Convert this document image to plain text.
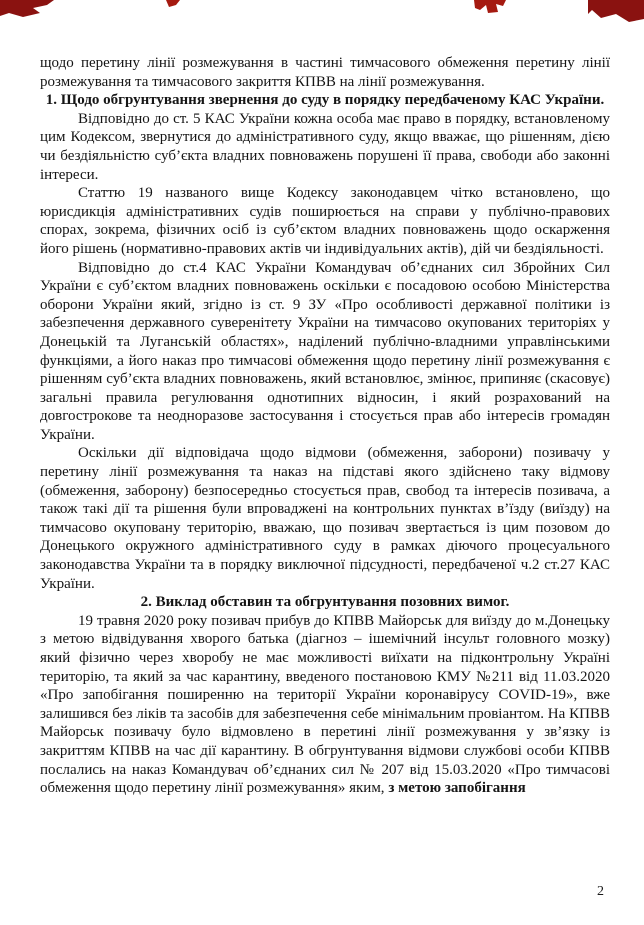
щодо перетину лінії розмежування в частині тимчасового обмеження перетину лінії розмежування та тимчасового закриття КПВВ на лінії розмежування.

1. Щодо обгрунтування звернення до суду в порядку передбаченому КАС України.

Відповідно до ст. 5 КАС України кожна особа має право в порядку, встановленому цим Кодексом, звернутися до адміністративного суду, якщо вважає, що рішенням, дією чи бездіяльністю суб’єкта владних повноважень порушені її права, свободи або законні інтереси.

Статтю 19 названого вище Кодексу законодавцем чітко встановлено, що юрисдикція адміністративних судів поширюється на справи у публічно-правових спорах, зокрема, фізичних осіб із суб’єктом владних повноважень щодо оскарження його рішень (нормативно-правових актів чи індивідуальних актів), дій чи бездіяльності.

Відповідно до ст.4 КАС України Командувач об’єднаних сил Збройних Сил України є суб’єктом владних повноважень оскільки є посадовою особою Міністерства оборони України який, згідно із ст. 9 ЗУ «Про особливості державної політики із забезпечення державного суверенітету України на тимчасово окупованих територіях у Донецькій та Луганській областях», наділений публічно-владними управлінськими функціями, а його наказ про тимчасові обмеження щодо перетину лінії розмежування є рішенням суб’єкта владних повноважень, який встановлює, змінює, припиняє (скасовує) загальні правила регулювання однотипних відносин, і який розрахований на довгострокове та неодноразове застосування і стосується прав або інтересів громадян України.

Оскільки дії відповідача щодо відмови (обмеження, заборони) позивачу у перетину лінії розмежування та наказ на підставі якого здійснено таку відмову (обмеження, заборону) безпосередньо стосується прав, свобод та інтересів позивача, а також такі дії та рішення були впроваджені на контрольних пунктах в’їзду (виїзду) на тимчасово окуповану територію, вважаю, що позивач звертається із цим позовом до Донецького окружного адміністративного суду в рамках діючого процесуального законодавства України та в порядку виключної підсудності, передбаченої ч.2 ст.27 КАС України.

2. Виклад обставин та обгрунтування позовних вимог.

19 травня 2020 року позивач прибув до КПВВ Майорськ для виїзду до м.Донецьку з метою відвідування хворого батька (діагноз – ішемічний інсульт головного мозку) який фізично через хворобу не має можливості виїхати на підконтрольну Україні територію, та який за час карантину, введеного постановою КМУ №211 від 11.03.2020 «Про запобігання поширенню на території України коронавірусу COVID-19», вже залишився без ліків та засобів для забезпечення себе мінімальним провіантом. На КПВВ Майорськ позивачу було відмовлено в перетині лінії розмежування у зв’язку із закриттям КПВВ на час дії карантину. В обгрунтування відмови службові особи КПВВ послались на наказ Командувач об’єднаних сил № 207 від 15.03.2020 «Про тимчасові обмеження щодо перетину лінії розмежування» яким, з метою запобігання

2
